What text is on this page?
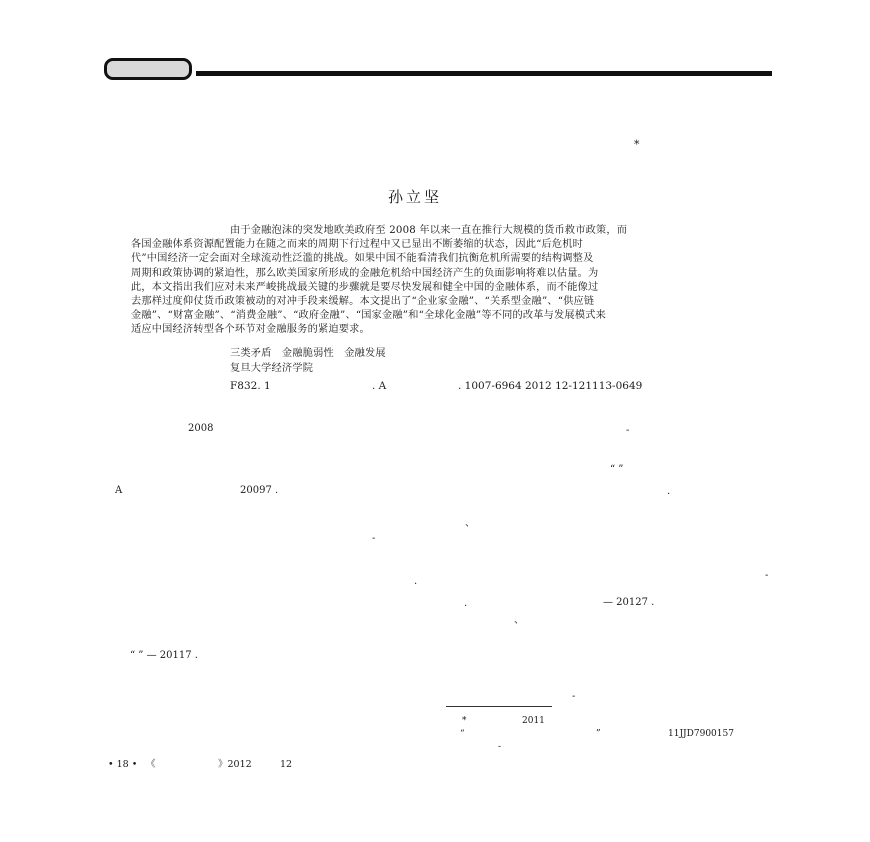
*
孙立坚
由于金融泡沫的突发地欧美政府至 2008 年以来一直在推行大规模的货币救市政策，而
各国金融体系资源配置能力在随之而来的周期下行过程中又已显出不断萎缩的状态，因此“后危机时
代”中国经济一定会面对全球流动性泛滥的挑战。如果中国不能看清我们抗衡危机所需要的结构调整及
周期和政策协调的紧迫性，那么欧美国家所形成的金融危机给中国经济产生的负面影响将难以估量。为
此，本文指出我们应对未来严峻挑战最关键的步骤就是要尽快发展和健全中国的金融体系，而不能像过
去那样过度仰仗货币政策被动的对冲手段来缓解。本文提出了“企业家金融”、“关系型金融”、“供应链
金融”、“财富金融”、“消费金融”、“政府金融”、“国家金融”和“全球化金融”等不同的改革与发展模式来
适应中国经济转型各个环节对金融服务的紧迫要求。
三类矛盾　金融脆弱性　金融发展
复旦大学经济学院
F832. 1	. A	. 1007-6964 2012 12-121113-0649
2008	-
“ ”
A	20097 .	.
、
-
-
.
.	— 20127 .
、
“ ” — 20117 .
-
*	2011
“	”	11JJD7900157
-
• 18 • 《	》2012	12
